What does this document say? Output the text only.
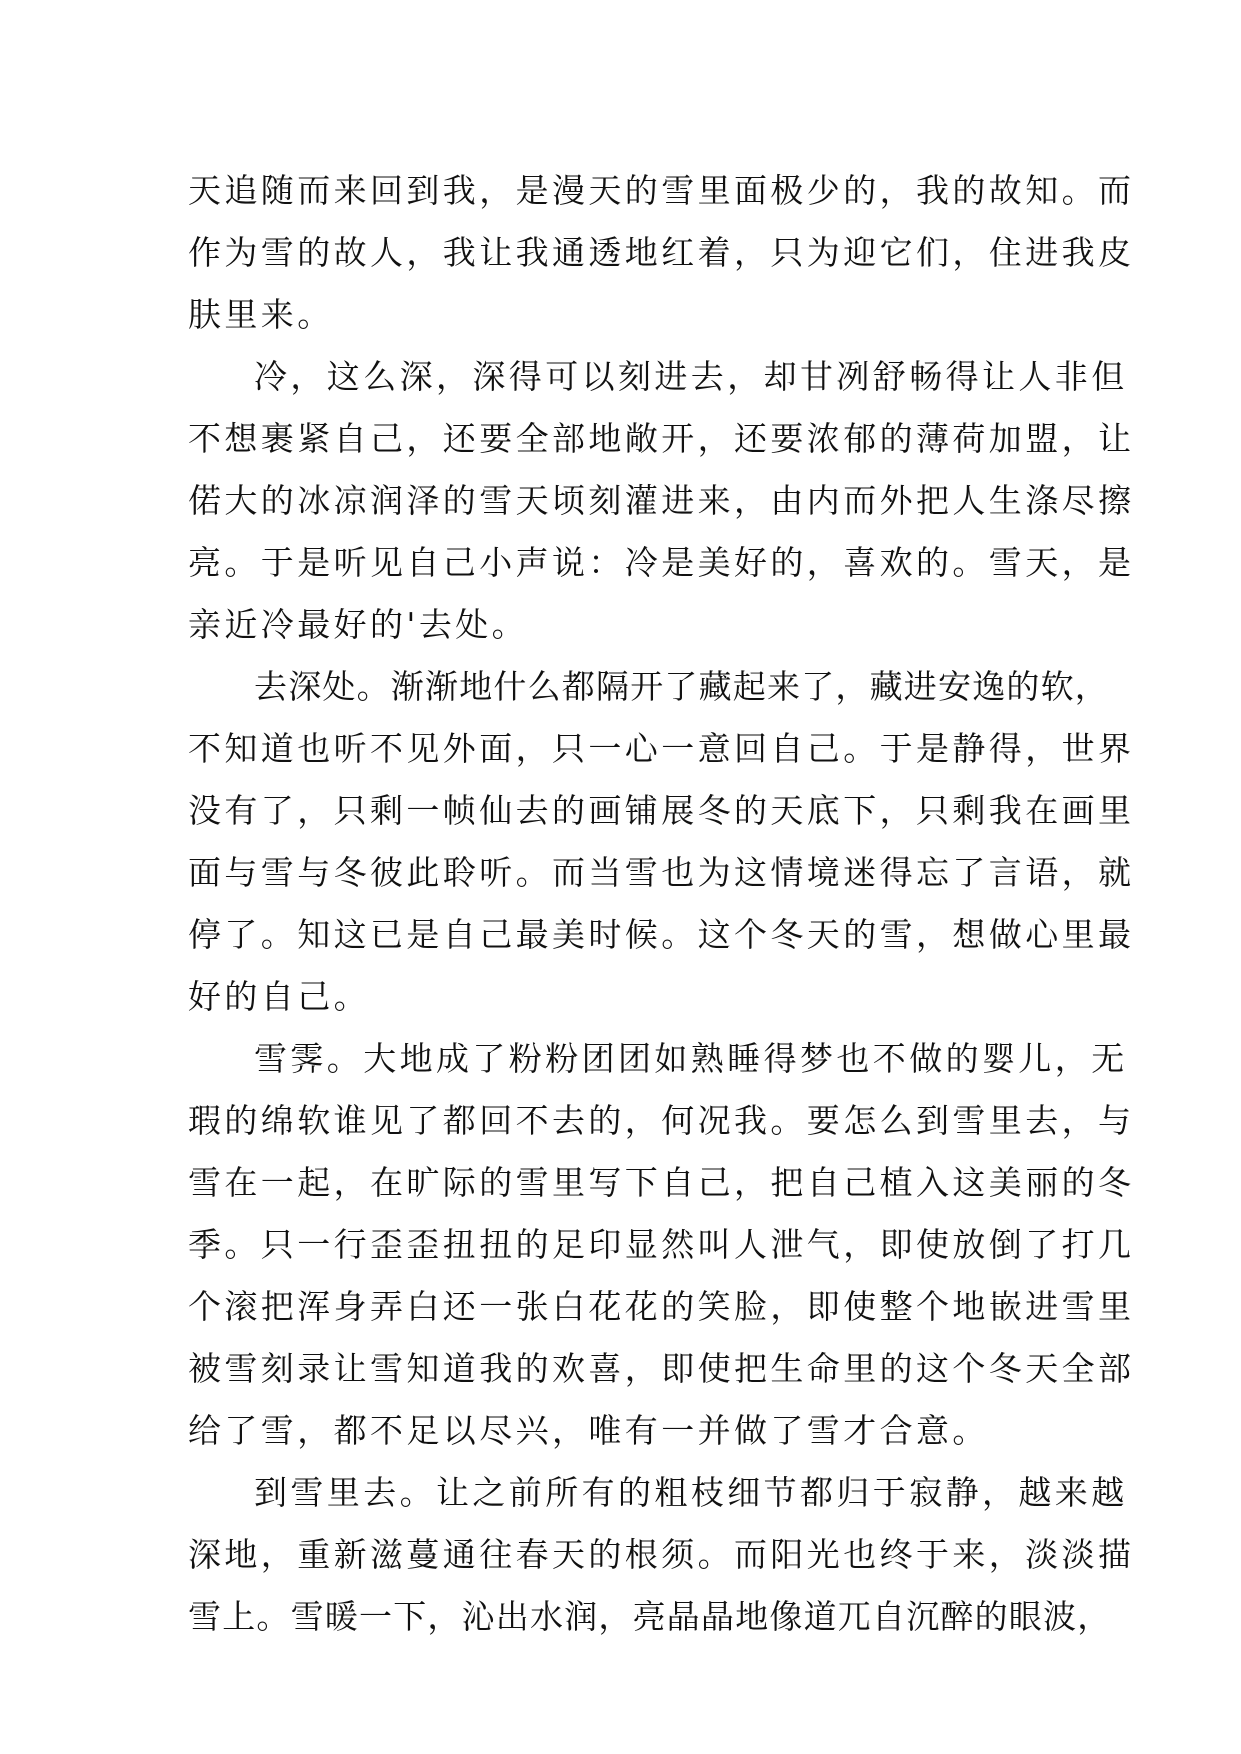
天追随而来回到我，是漫天的雪里面极少的，我的故知。而
作为雪的故人，我让我通透地红着，只为迎它们，住进我皮
肤里来。
冷，这么深，深得可以刻进去，却甘冽舒畅得让人非但
不想裹紧自己，还要全部地敞开，还要浓郁的薄荷加盟，让
偌大的冰凉润泽的雪天顷刻灌进来，由内而外把人生涤尽擦
亮。于是听见自己小声说：冷是美好的，喜欢的。雪天，是
亲近冷最好的'去处。
去深处。渐渐地什么都隔开了藏起来了，藏进安逸的软，
不知道也听不见外面，只一心一意回自己。于是静得，世界
没有了，只剩一帧仙去的画铺展冬的天底下，只剩我在画里
面与雪与冬彼此聆听。而当雪也为这情境迷得忘了言语，就
停了。知这已是自己最美时候。这个冬天的雪，想做心里最
好的自己。
雪霁。大地成了粉粉团团如熟睡得梦也不做的婴儿，无
瑕的绵软谁见了都回不去的，何况我。要怎么到雪里去，与
雪在一起，在旷际的雪里写下自己，把自己植入这美丽的冬
季。只一行歪歪扭扭的足印显然叫人泄气，即使放倒了打几
个滚把浑身弄白还一张白花花的笑脸，即使整个地嵌进雪里
被雪刻录让雪知道我的欢喜，即使把生命里的这个冬天全部
给了雪，都不足以尽兴，唯有一并做了雪才合意。
到雪里去。让之前所有的粗枝细节都归于寂静，越来越
深地，重新滋蔓通往春天的根须。而阳光也终于来，淡淡描
雪上。雪暖一下，沁出水润，亮晶晶地像道兀自沉醉的眼波，
